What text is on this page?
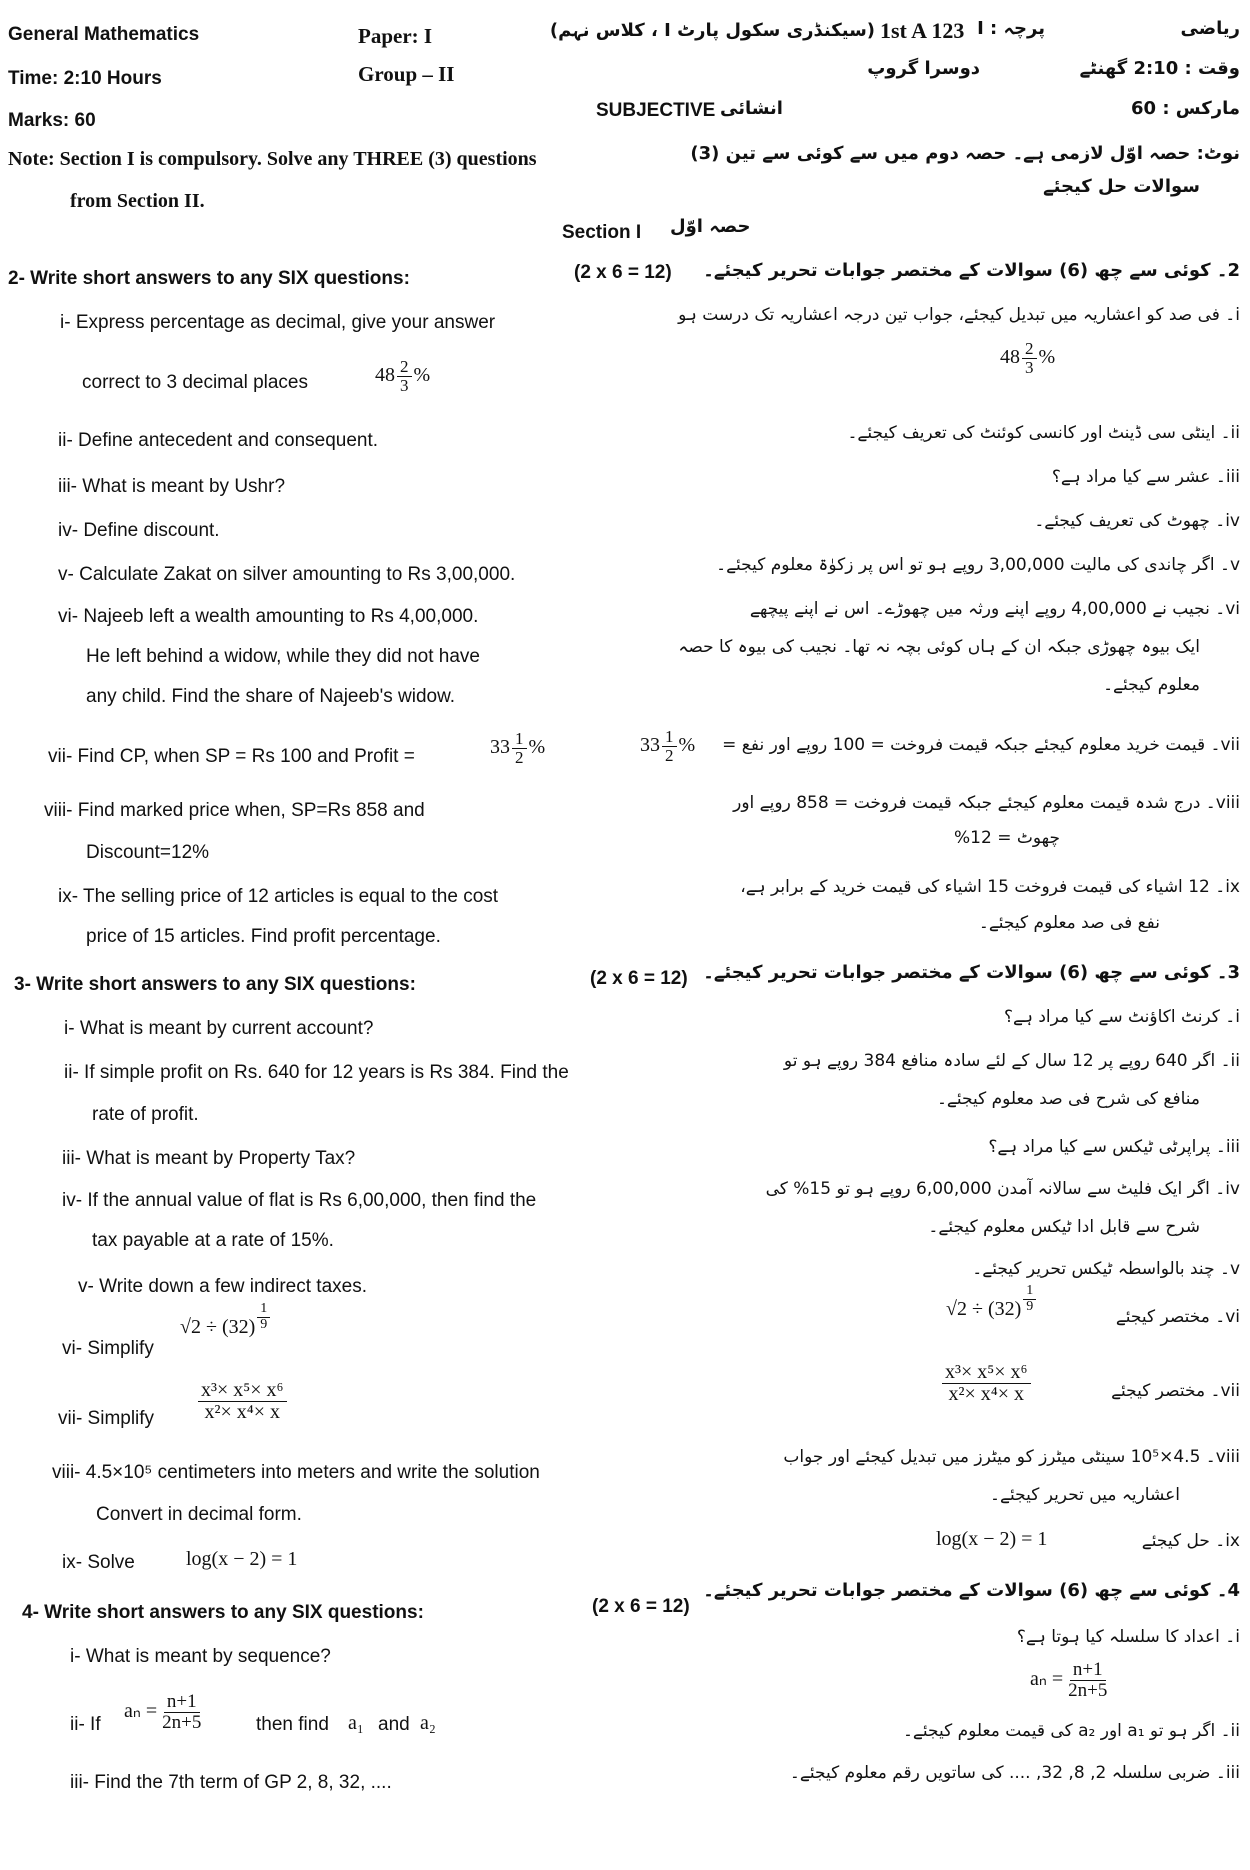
General Mathematics	Paper: I	(سیکنڈری سکول پارٹ I ، کلاس نہم) 1st A 123 پرچہ : I	ریاضی
Time: 2:10 Hours	Group – II	دوسرا گروپ	وقت : 2:10 گھنٹے
Marks: 60	SUBJECTIVE انشائی	مارکس : 60
Note: Section I is compulsory. Solve any THREE (3) questions
from Section II.
نوٹ: حصہ اوّل لازمی ہے۔ حصہ دوم میں سے کوئی سے تین (3)
سوالات حل کیجئے
Section I حصہ اوّل
2- Write short answers to any SIX questions:	(2 x 6 = 12) 2۔ کوئی سے چھ (6) سوالات کے مختصر جوابات تحریر کیجئے۔
i- Express percentage as decimal, give your answer
correct to 3 decimal places	$48 \frac{2}{3}$ %
i۔ فی صد کو اعشاریہ میں تبدیل کیجئے، جواب تین درجہ اعشاریہ تک درست ہو
$48 \frac{2}{3}$ %
ii- Define antecedent and consequent.	ii۔ اینٹی سی ڈینٹ اور کانسی کوئنٹ کی تعریف کیجئے۔
iii- What is meant by Ushr?	iii۔ عشر سے کیا مراد ہے؟
iv- Define discount.	iv۔ چھوٹ کی تعریف کیجئے۔
v- Calculate Zakat on silver amounting to Rs 3,00,000.	v۔ اگر چاندی کی مالیت 3,00,000 روپے ہو تو اس پر زکوٰۃ معلوم کیجئے۔
vi- Najeeb left a wealth amounting to Rs 4,00,000.
He left behind a widow, while they did not have
any child. Find the share of Najeeb's widow.
vi۔ نجیب نے 4,00,000 روپے اپنے ورثہ میں چھوڑے۔ اس نے اپنے پیچھے
ایک بیوہ چھوڑی جبکہ ان کے ہاں کوئی بچہ نہ تھا۔ نجیب کی بیوہ کا حصہ
معلوم کیجئے۔
vii- Find CP, when SP = Rs 100 and Profit =	$33 \frac{1}{2}$ %	$33 \frac{1}{2}$ % vii۔ قیمت خرید معلوم کیجئے جبکہ قیمت فروخت = 100 روپے اور نفع =
viii- Find marked price when, SP=Rs 858 and
Discount=12%
viii۔ درج شدہ قیمت معلوم کیجئے جبکہ قیمت فروخت = 858 روپے اور
چھوٹ = 12%
ix- The selling price of 12 articles is equal to the cost
price of 15 articles. Find profit percentage.
ix۔ 12 اشیاء کی قیمت فروخت 15 اشیاء کی قیمت خرید کے برابر ہے،
نفع فی صد معلوم کیجئے۔
3- Write short answers to any SIX questions:	(2 x 6 = 12) 3۔ کوئی سے چھ (6) سوالات کے مختصر جوابات تحریر کیجئے۔
i- What is meant by current account?
i۔ کرنٹ اکاؤنٹ سے کیا مراد ہے؟
ii- If simple profit on Rs. 640 for 12 years is Rs 384. Find the
rate of profit.
ii۔ اگر 640 روپے پر 12 سال کے لئے سادہ منافع 384 روپے ہو تو
منافع کی شرح فی صد معلوم کیجئے۔
iii- What is meant by Property Tax?
iii۔ پراپرٹی ٹیکس سے کیا مراد ہے؟
iv- If the annual value of flat is Rs 6,00,000, then find the
tax payable at a rate of 15%.
iv۔ اگر ایک فلیٹ سے سالانہ آمدن 6,00,000 روپے ہو تو 15% کی
شرح سے قابل ادا ٹیکس معلوم کیجئے۔
v- Write down a few indirect taxes.
v۔ چند بالواسطہ ٹیکس تحریر کیجئے۔
vi- Simplify
$√2 \div (32) \frac{1}{9}$	$√2 \div (32) \frac{1}{9}$
vi۔ مختصر کیجئے
vii- Simplify $\frac{\text{x³× x⁵× x⁶}}{\text{x²× x⁴× x}}$	$\frac{\text{x³× x⁵× x⁶}}{\text{x²× x⁴× x}}$	vii۔ مختصر کیجئے
viii- 4.5×10⁵ centimeters into meters and write the solution
Convert in decimal form.
viii۔ 4.5×10⁵ سینٹی میٹرز کو میٹرز میں تبدیل کیجئے اور جواب
اعشاریہ میں تحریر کیجئے۔
ix- Solve	log(x − 2) = 1
log(x − 2) = 1	ix۔ حل کیجئے
4- Write short answers to any SIX questions:	(2 x 6 = 12)
4۔ کوئی سے چھ (6) سوالات کے مختصر جوابات تحریر کیجئے۔
i- What is meant by sequence?
i۔ اعداد کا سلسلہ کیا ہوتا ہے؟
ii- If
$a_n = \frac{n+1}{2n+5}$	then find a₁ and a₂
$a_n = \frac{n+1}{2n+5}$
ii۔ اگر ہو تو a₁ اور a₂ کی قیمت معلوم کیجئے۔
iii- Find the 7th term of GP 2, 8, 32, ....	iii۔ ضربی سلسلہ 2, 8, 32, .... کی ساتویں رقم معلوم کیجئے۔
